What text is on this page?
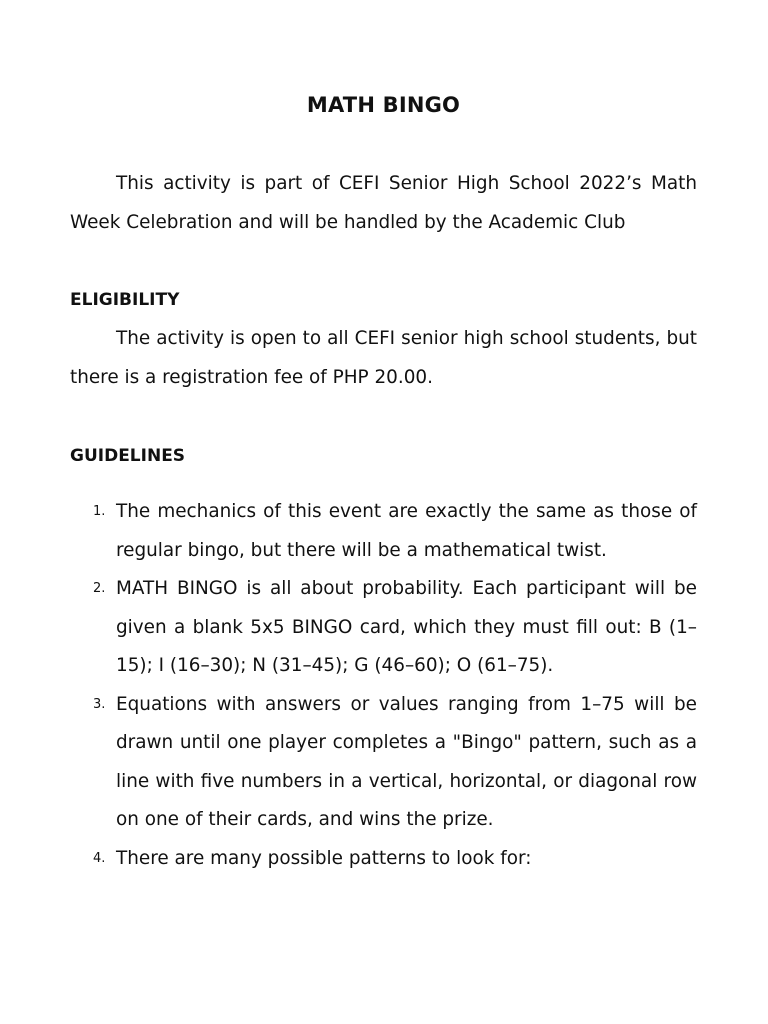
MATH BINGO

This activity is part of CEFI Senior High School 2022’s Math Week Celebration and will be handled by the Academic Club

ELIGIBILITY

The activity is open to all CEFI senior high school students, but there is a registration fee of PHP 20.00.

GUIDELINES
1. The mechanics of this event are exactly the same as those of regular bingo, but there will be a mathematical twist.
2. MATH BINGO is all about probability. Each participant will be given a blank 5x5 BINGO card, which they must fill out: B (1–15); I (16–30); N (31–45); G (46–60); O (61–75).
3. Equations with answers or values ranging from 1–75 will be drawn until one player completes a "Bingo" pattern, such as a line with five numbers in a vertical, horizontal, or diagonal row on one of their cards, and wins the prize.
4. There are many possible patterns to look for:
